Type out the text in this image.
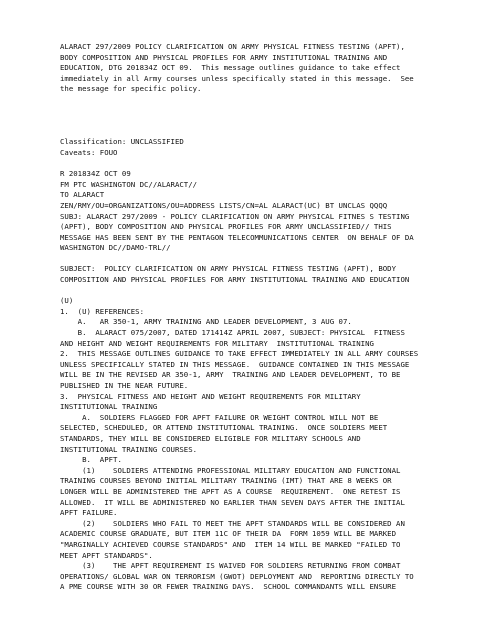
ALARACT 297/2009 POLICY CLARIFICATION ON ARMY PHYSICAL FITNESS TESTING (APFT),
BODY COMPOSITION AND PHYSICAL PROFILES FOR ARMY INSTITUTIONAL TRAINING AND
EDUCATION, DTG 201834Z OCT 09.  This message outlines guidance to take effect
immediately in all Army courses unless specifically stated in this message.  See
the message for specific policy.
Classification: UNCLASSIFIED
Caveats: FOUO
R 201834Z OCT 09
FM PTC WASHINGTON DC//ALARACT//
TO ALARACT
ZEN/RMY/OU=ORGANIZATIONS/OU=ADDRESS LISTS/CN=AL ALARACT(UC) BT UNCLAS QQQQ
SUBJ: ALARACT 297/2009 - POLICY CLARIFICATION ON ARMY PHYSICAL FITNES S TESTING
(APFT), BODY COMPOSITION AND PHYSICAL PROFILES FOR ARMY UNCLASSIFIED// THIS
MESSAGE HAS BEEN SENT BY THE PENTAGON TELECOMMUNICATIONS CENTER  ON BEHALF OF DA
WASHINGTON DC//DAMO-TRL//
SUBJECT:  POLICY CLARIFICATION ON ARMY PHYSICAL FITNESS TESTING (APFT), BODY
COMPOSITION AND PHYSICAL PROFILES FOR ARMY INSTITUTIONAL TRAINING AND EDUCATION
(U)
1.  (U) REFERENCES:
A.   AR 350-1, ARMY TRAINING AND LEADER DEVELOPMENT, 3 AUG 07.
B.  ALARACT 075/2007, DATED 171414Z APRIL 2007, SUBJECT: PHYSICAL  FITNESS
AND HEIGHT AND WEIGHT REQUIREMENTS FOR MILITARY  INSTITUTIONAL TRAINING
2.  THIS MESSAGE OUTLINES GUIDANCE TO TAKE EFFECT IMMEDIATELY IN ALL ARMY COURSES
UNLESS SPECIFICALLY STATED IN THIS MESSAGE.  GUIDANCE CONTAINED IN THIS MESSAGE
WILL BE IN THE REVISED AR 350-1, ARMY  TRAINING AND LEADER DEVELOPMENT, TO BE
PUBLISHED IN THE NEAR FUTURE.
3.  PHYSICAL FITNESS AND HEIGHT AND WEIGHT REQUIREMENTS FOR MILITARY
INSTITUTIONAL TRAINING
A.  SOLDIERS FLAGGED FOR APFT FAILURE OR WEIGHT CONTROL WILL NOT BE
SELECTED, SCHEDULED, OR ATTEND INSTITUTIONAL TRAINING.  ONCE SOLDIERS MEET
STANDARDS, THEY WILL BE CONSIDERED ELIGIBLE FOR MILITARY SCHOOLS AND
INSTITUTIONAL TRAINING COURSES.
B.  APFT.
(1)    SOLDIERS ATTENDING PROFESSIONAL MILITARY EDUCATION AND FUNCTIONAL
TRAINING COURSES BEYOND INITIAL MILITARY TRAINING (IMT) THAT ARE 8 WEEKS OR
LONGER WILL BE ADMINISTERED THE APFT AS A COURSE  REQUIREMENT.  ONE RETEST IS
ALLOWED.  IT WILL BE ADMINISTERED NO EARLIER THAN SEVEN DAYS AFTER THE INITIAL
APFT FAILURE.
(2)    SOLDIERS WHO FAIL TO MEET THE APFT STANDARDS WILL BE CONSIDERED AN
ACADEMIC COURSE GRADUATE, BUT ITEM 11C OF THEIR DA  FORM 1059 WILL BE MARKED
"MARGINALLY ACHIEVED COURSE STANDARDS" AND  ITEM 14 WILL BE MARKED "FAILED TO
MEET APFT STANDARDS".
(3)    THE APFT REQUIREMENT IS WAIVED FOR SOLDIERS RETURNING FROM COMBAT
OPERATIONS/ GLOBAL WAR ON TERRORISM (GWOT) DEPLOYMENT AND  REPORTING DIRECTLY TO
A PME COURSE WITH 30 OR FEWER TRAINING DAYS.  SCHOOL COMMANDANTS WILL ENSURE
